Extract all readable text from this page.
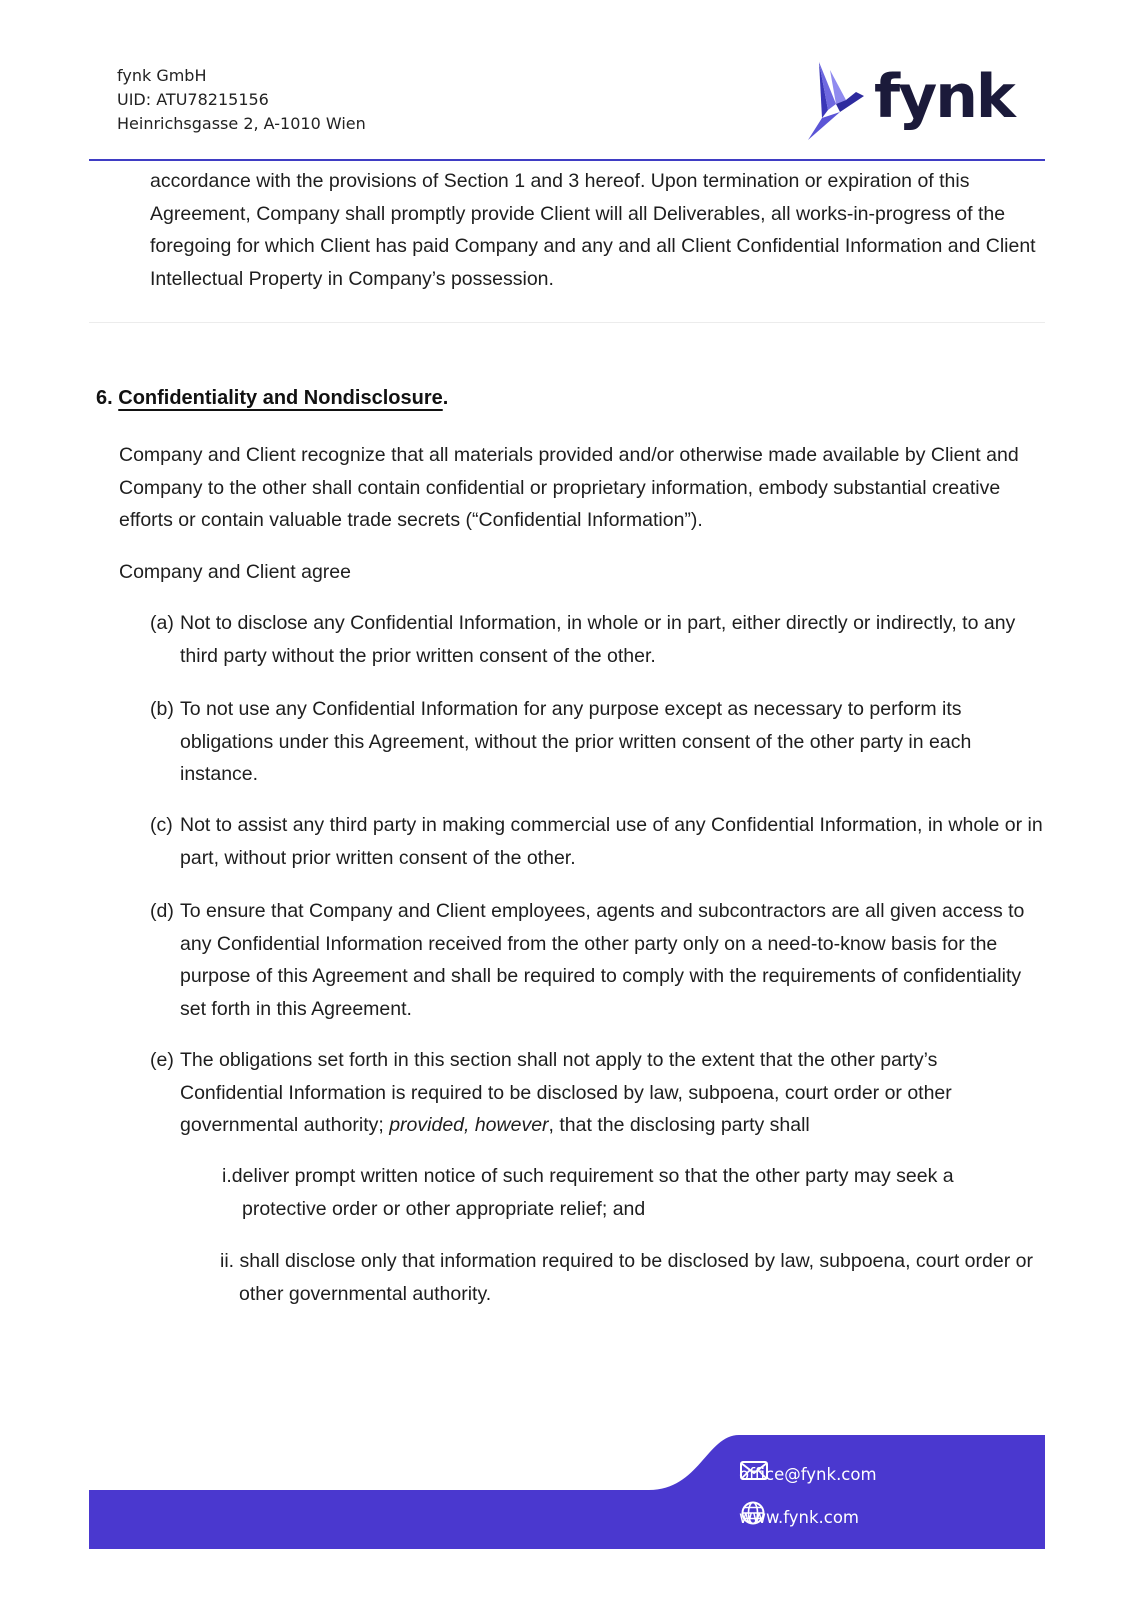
fynk GmbH
UID: ATU78215156
Heinrichsgasse 2, A-1010 Wien	fynk
accordance with the provisions of Section 1 and 3 hereof. Upon termination or expiration of this Agreement, Company shall promptly provide Client will all Deliverables, all works-in-progress of the foregoing for which Client has paid Company and any and all Client Confidential Information and Client Intellectual Property in Company’s possession.
6. Confidentiality and Nondisclosure.
Company and Client recognize that all materials provided and/or otherwise made available by Client and Company to the other shall contain confidential or proprietary information, embody substantial creative efforts or contain valuable trade secrets (“Confidential Information”).
Company and Client agree
(a) Not to disclose any Confidential Information, in whole or in part, either directly or indirectly, to any third party without the prior written consent of the other.
(b) To not use any Confidential Information for any purpose except as necessary to perform its obligations under this Agreement, without the prior written consent of the other party in each instance.
(c) Not to assist any third party in making commercial use of any Confidential Information, in whole or in part, without prior written consent of the other.
(d) To ensure that Company and Client employees, agents and subcontractors are all given access to any Confidential Information received from the other party only on a need-to-know basis for the purpose of this Agreement and shall be required to comply with the requirements of confidentiality set forth in this Agreement.
(e) The obligations set forth in this section shall not apply to the extent that the other party’s Confidential Information is required to be disclosed by law, subpoena, court order or other governmental authority; provided, however, that the disclosing party shall
i.deliver prompt written notice of such requirement so that the other party may seek a protective order or other appropriate relief; and
ii. shall disclose only that information required to be disclosed by law, subpoena, court order or other governmental authority.
office@fynk.com
www.fynk.com
